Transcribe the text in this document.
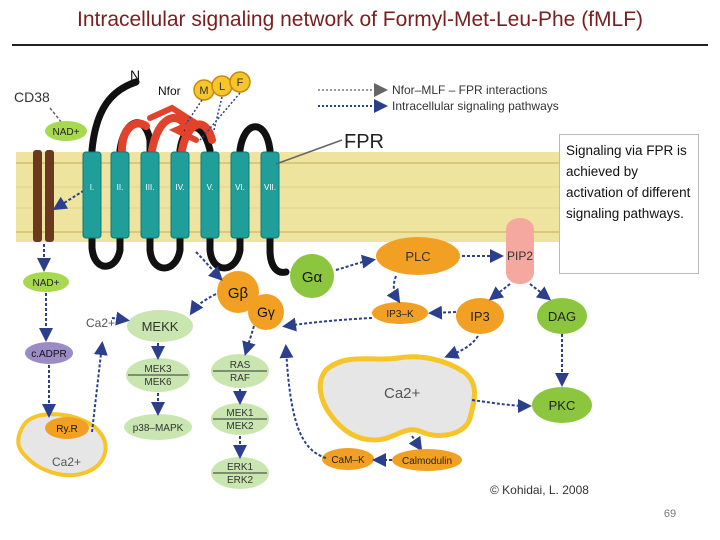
Intracellular signaling network of Formyl-Met-Leu-Phe (fMLF)
CD38
NAD+
NAD+
c.ADPR
Ry.R
Ca2+
Ca2+
N
Nfor M L F
I.	II.	III.	IV.	V.	VI. VII.
FPR
Nfor–MLF – FPR interactions
Intracellular signaling pathways
Gα
Gβ
Gγ
PLC	PIP2
IP3–K	IP3	DAG
PKC
Ca2+
CaM–K	Calmodulin
MEKK
MEK3
MEK6
p38–MAPK
RAS
RAF
MEK1
MEK2
ERK1
ERK2
© Kohidai, L. 2008
Signaling via FPR is achieved by activation of different signaling pathways.
69
